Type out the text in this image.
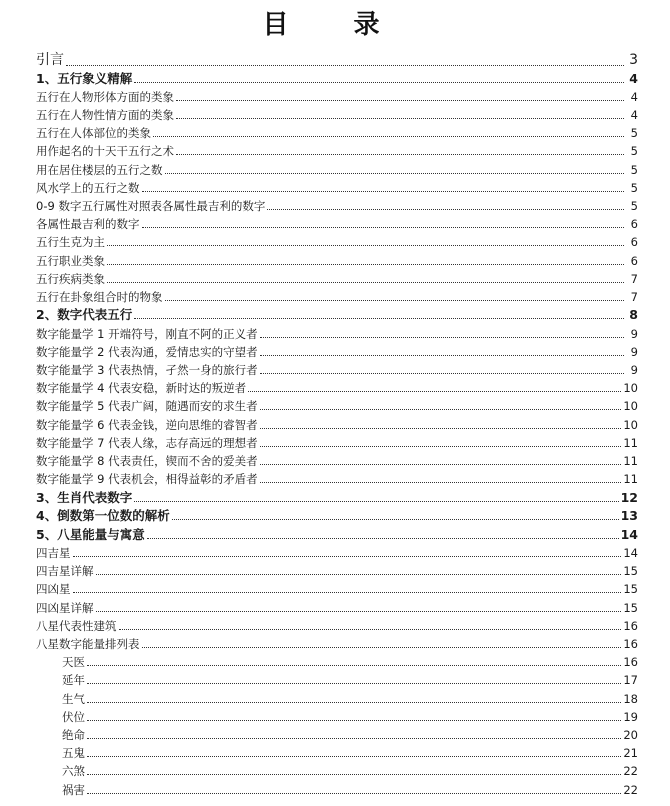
目 录
引言	3
1、五行象义精解	4
五行在人物形体方面的类象	4
五行在人物性情方面的类象	4
五行在人体部位的类象	5
用作起名的十天干五行之术	5
用在居住楼层的五行之数	5
风水学上的五行之数	5
0-9 数字五行属性对照表各属性最吉利的数字	5
各属性最吉利的数字	6
五行生克为主	6
五行职业类象	6
五行疾病类象	7
五行在卦象组合时的物象	7
2、数字代表五行	8
数字能量学 1 开端符号，刚直不阿的正义者	9
数字能量学 2 代表沟通，爱情忠实的守望者	9
数字能量学 3 代表热情，孑然一身的旅行者	9
数字能量学 4 代表安稳，新时达的叛逆者	10
数字能量学 5 代表广阔，随遇而安的求生者	10
数字能量学 6 代表金钱，逆向思维的睿智者	10
数字能量学 7 代表人缘，志存高远的理想者	11
数字能量学 8 代表责任，锲而不舍的爱美者	11
数字能量学 9 代表机会，相得益彰的矛盾者	11
3、生肖代表数字	12
4、倒数第一位数的解析	13
5、八星能量与寓意	14
四吉星	14
四吉星详解	15
四凶星	15
四凶星详解	15
八星代表性建筑	16
八星数字能量排列表	16
天医	16
延年	17
生气	18
伏位	19
绝命	20
五鬼	21
六煞	22
祸害	22
